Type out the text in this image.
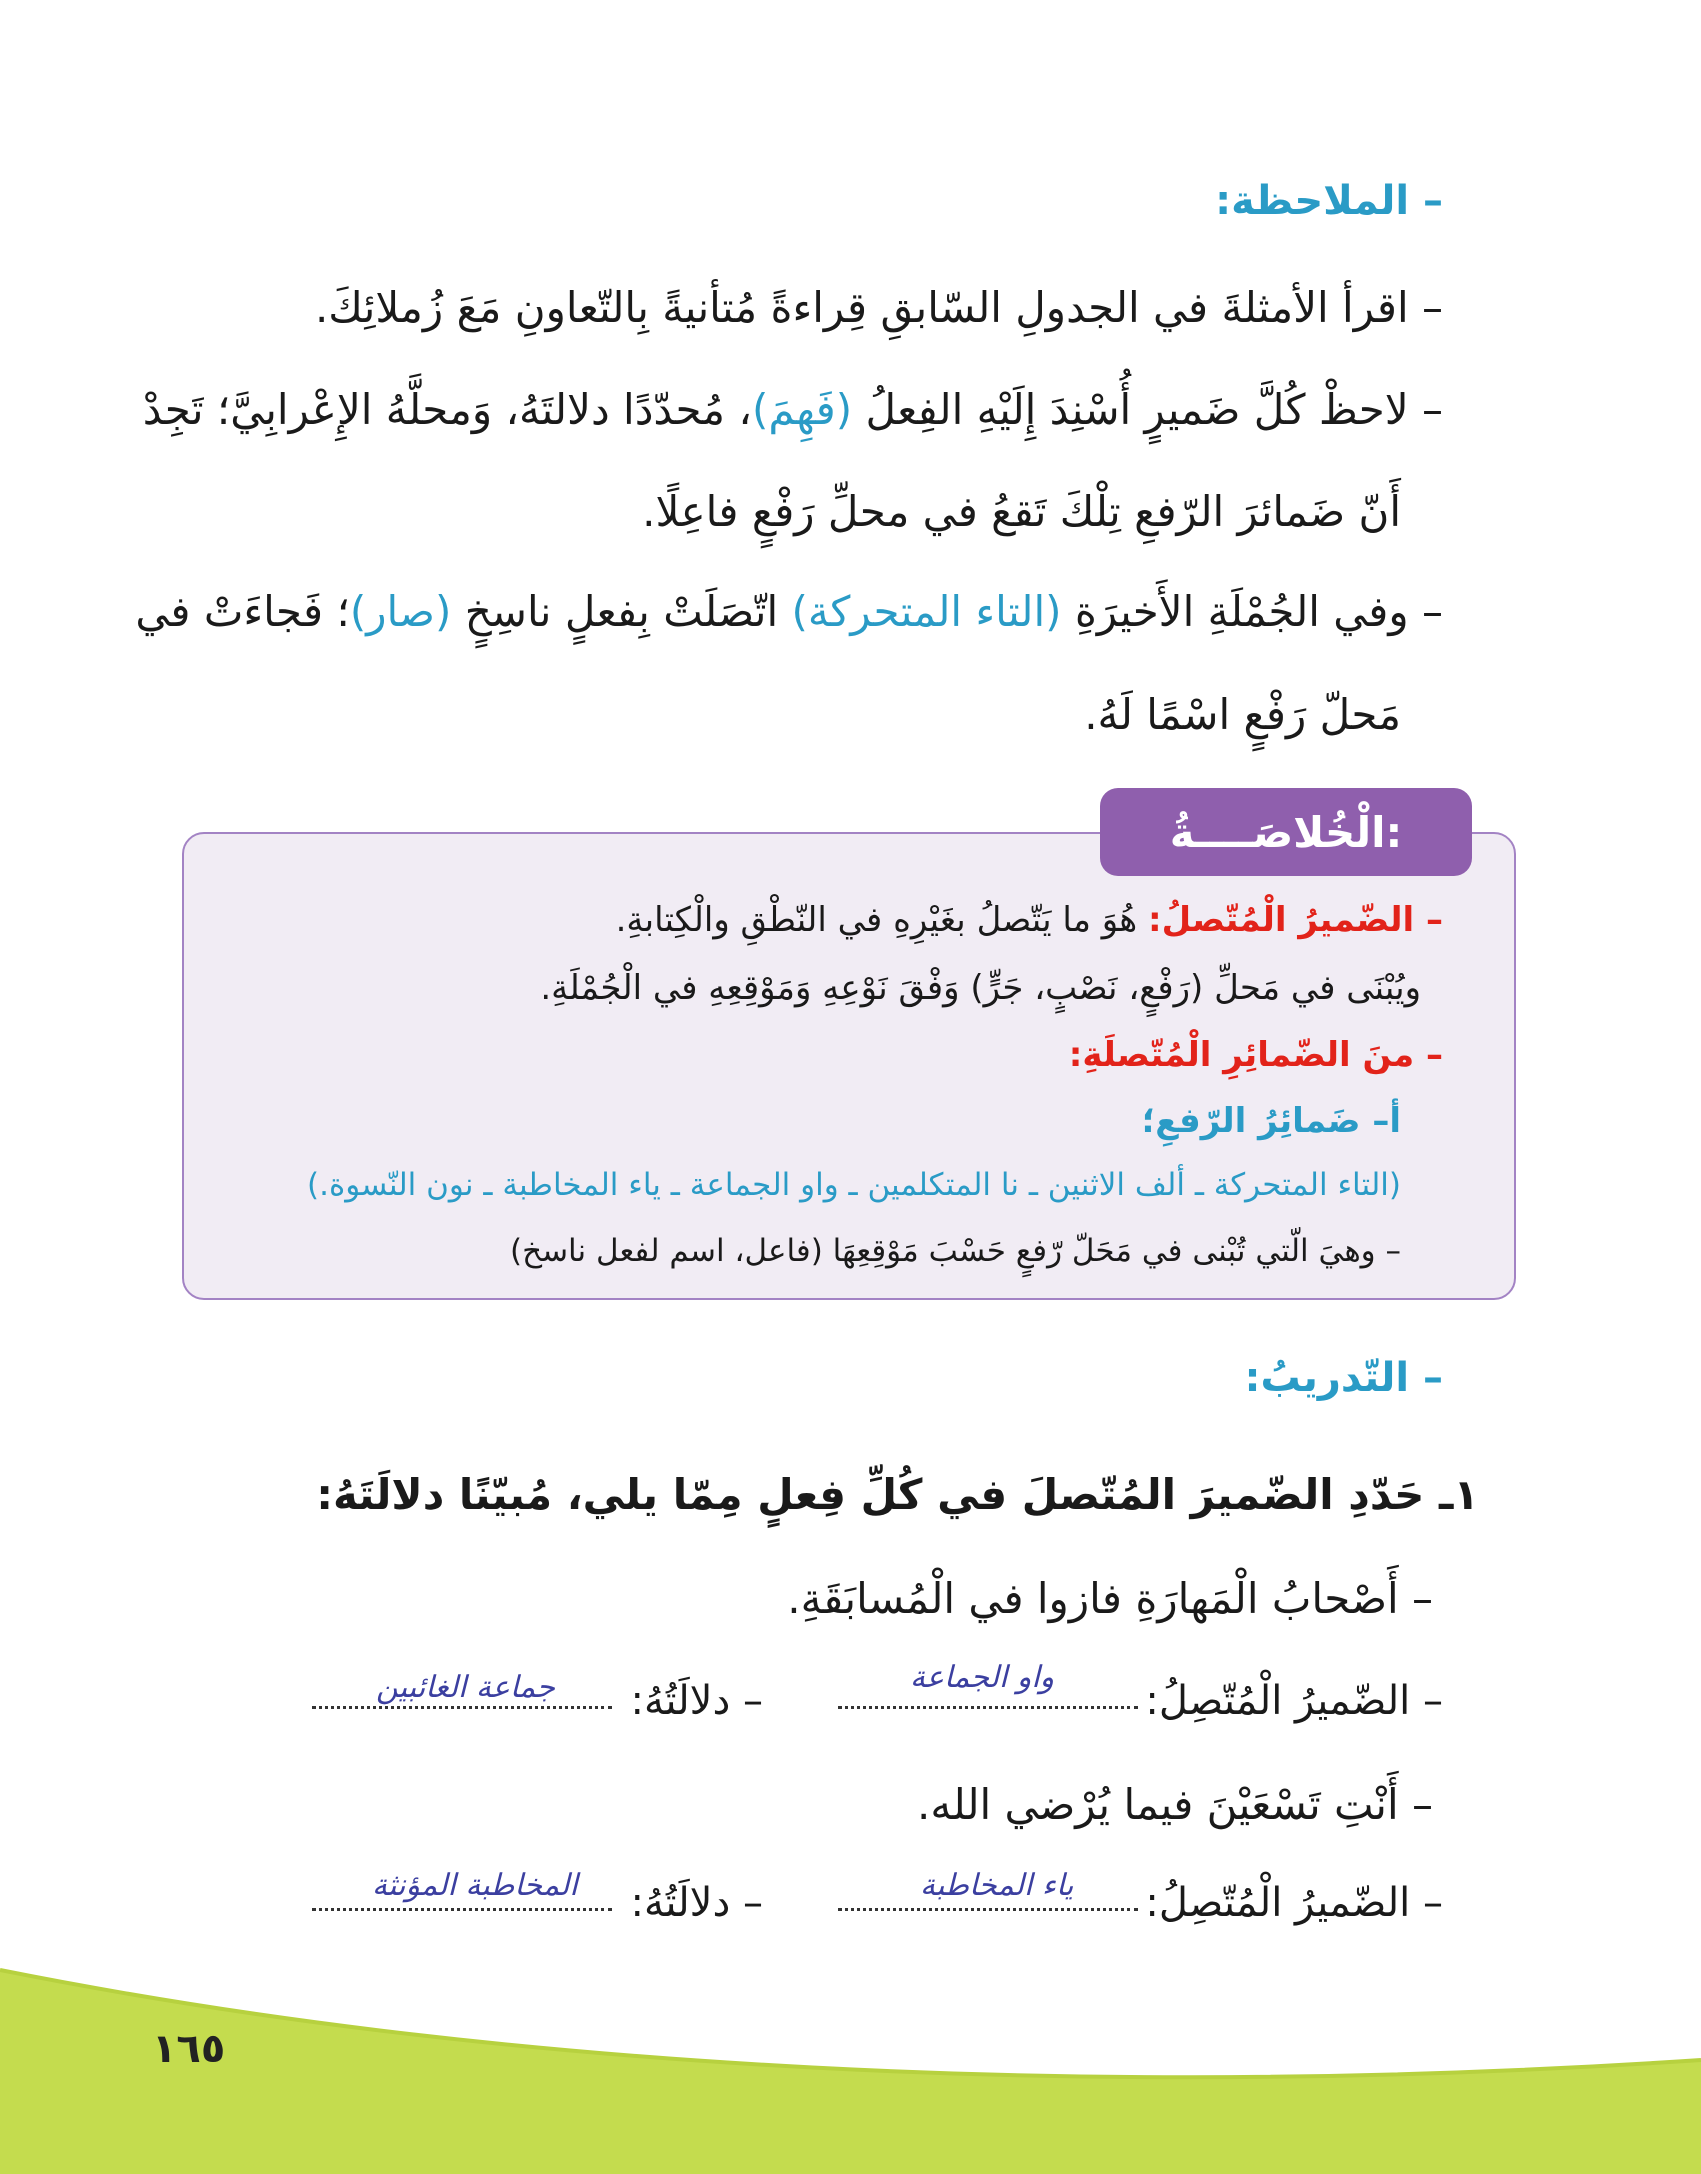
– الملاحظة:
– اقرأ الأمثلةَ في الجدولِ السّابقِ قِراءةً مُتأنيةً بِالتّعاونِ مَعَ زُملائِكَ.
– لاحظْ كُلَّ ضَميرٍ أُسْنِدَ إِلَيْهِ الفِعلُ (فَهِمَ)، مُحدّدًا دلالتَهُ، وَمحلَّهُ الإِعْرابِيَّ؛ تَجِدْ
أَنّ ضَمائرَ الرّفعِ تِلْكَ تَقعُ في محلِّ رَفْعٍ فاعِلًا.
– وفي الجُمْلَةِ الأَخيرَةِ (التاء المتحركة) اتّصَلَتْ بِفعلٍ ناسِخٍ (صار)؛ فَجاءَتْ في
مَحلّ رَفْعٍ اسْمًا لَهُ.
الْخُلاصَــــةُ:
– الضّميرُ الْمُتّصلُ: هُوَ ما يَتّصلُ بغَيْرِهِ في النّطْقِ والْكِتابةِ.
ويُبْنَى في مَحلِّ (رَفْعٍ، نَصْبٍ، جَرٍّ) وَفْقَ نَوْعِهِ وَمَوْقِعِهِ في الْجُمْلَةِ.
– منَ الضّمائِرِ الْمُتّصلَةِ:
أ– ضَمائِرُ الرّفعِ؛
(التاء المتحركة ـ ألف الاثنين ـ نا المتكلمين ـ واو الجماعة ـ ياء المخاطبة ـ نون النّسوة.)
– وهيَ الّتي تُبْنى في مَحَلّ رّفعٍ حَسْبَ مَوْقِعِهَا (فاعل، اسم لفعل ناسخ)
– التّدريبُ:
١ـ حَدّدِ الضّميرَ المُتّصلَ في كُلِّ فِعلٍ مِمّا يلي، مُبيّنًا دلالَتَهُ:
– أَصْحابُ الْمَهارَةِ فازوا في الْمُسابَقَةِ.
– الضّميرُ الْمُتّصِلُ:
واو الجماعة
– دلالَتُهُ:
جماعة الغائبين
– أَنْتِ تَسْعَيْنَ فيما يُرْضي الله.
– الضّميرُ الْمُتّصِلُ:
ياء المخاطبة
– دلالَتُهُ:
المخاطبة المؤنثة
١٦٥
